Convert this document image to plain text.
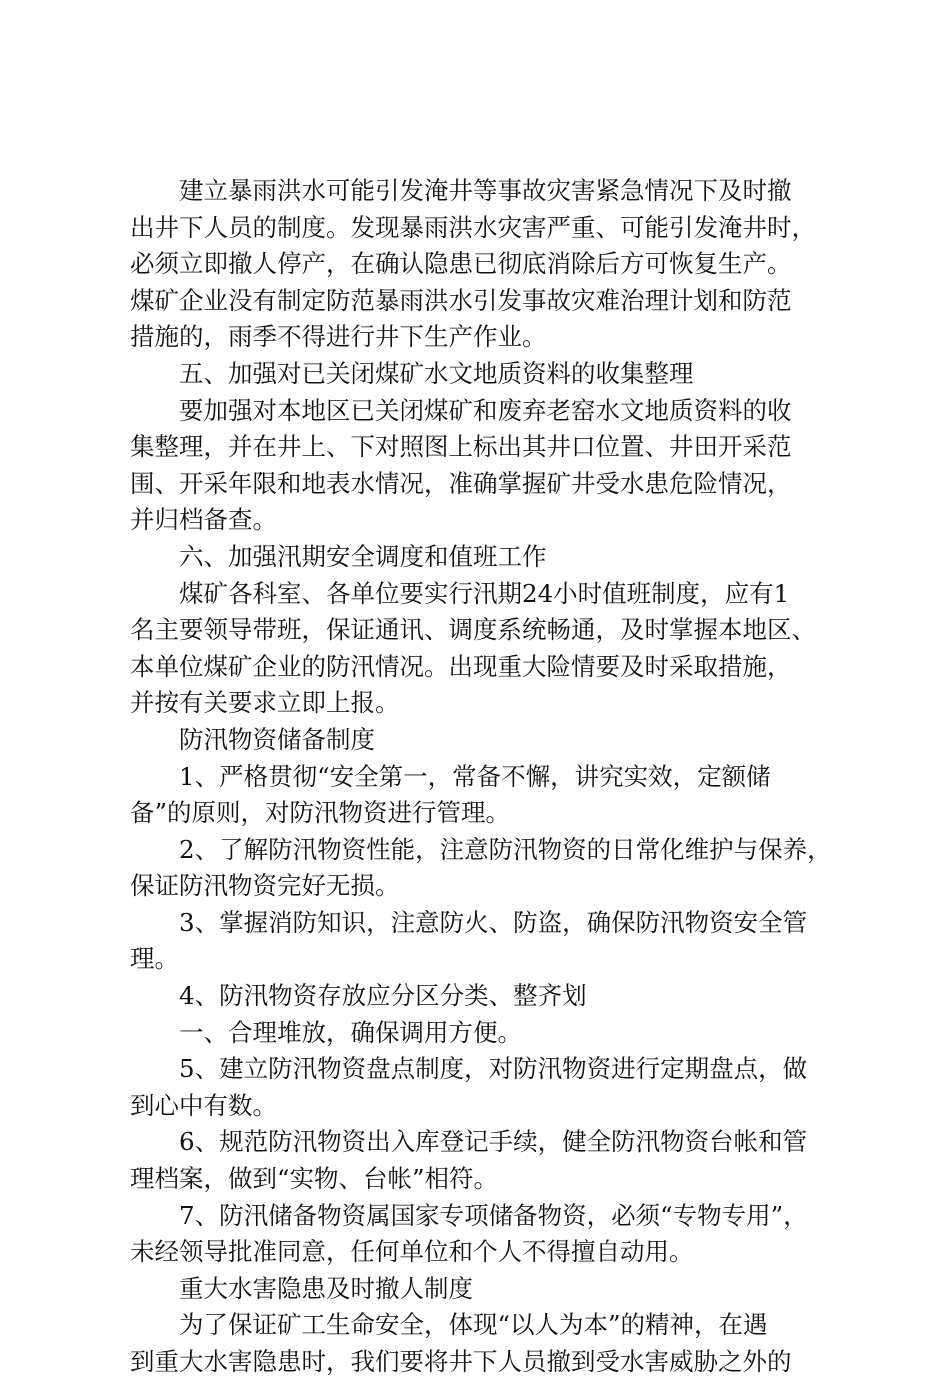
建立暴雨洪水可能引发淹井等事故灾害紧急情况下及时撤
出井下人员的制度。发现暴雨洪水灾害严重、可能引发淹井时，
必须立即撤人停产，在确认隐患已彻底消除后方可恢复生产。
煤矿企业没有制定防范暴雨洪水引发事故灾难治理计划和防范
措施的，雨季不得进行井下生产作业。
五、加强对已关闭煤矿水文地质资料的收集整理
要加强对本地区已关闭煤矿和废弃老窑水文地质资料的收
集整理，并在井上、下对照图上标出其井口位置、井田开采范
围、开采年限和地表水情况，准确掌握矿井受水患危险情况，
并归档备查。
六、加强汛期安全调度和值班工作
煤矿各科室、各单位要实行汛期24小时值班制度，应有1
名主要领导带班，保证通讯、调度系统畅通，及时掌握本地区、
本单位煤矿企业的防汛情况。出现重大险情要及时采取措施，
并按有关要求立即上报。
防汛物资储备制度
1、严格贯彻“安全第一，常备不懈，讲究实效，定额储
备”的原则，对防汛物资进行管理。
2、了解防汛物资性能，注意防汛物资的日常化维护与保养，
保证防汛物资完好无损。
3、掌握消防知识，注意防火、防盗，确保防汛物资安全管
理。
4、防汛物资存放应分区分类、整齐划
一、合理堆放，确保调用方便。
5、建立防汛物资盘点制度，对防汛物资进行定期盘点，做
到心中有数。
6、规范防汛物资出入库登记手续，健全防汛物资台帐和管
理档案，做到“实物、台帐”相符。
7、防汛储备物资属国家专项储备物资，必须“专物专用”，
未经领导批准同意，任何单位和个人不得擅自动用。
重大水害隐患及时撤人制度
为了保证矿工生命安全，体现“以人为本”的精神，在遇
到重大水害隐患时，我们要将井下人员撤到受水害威胁之外的
